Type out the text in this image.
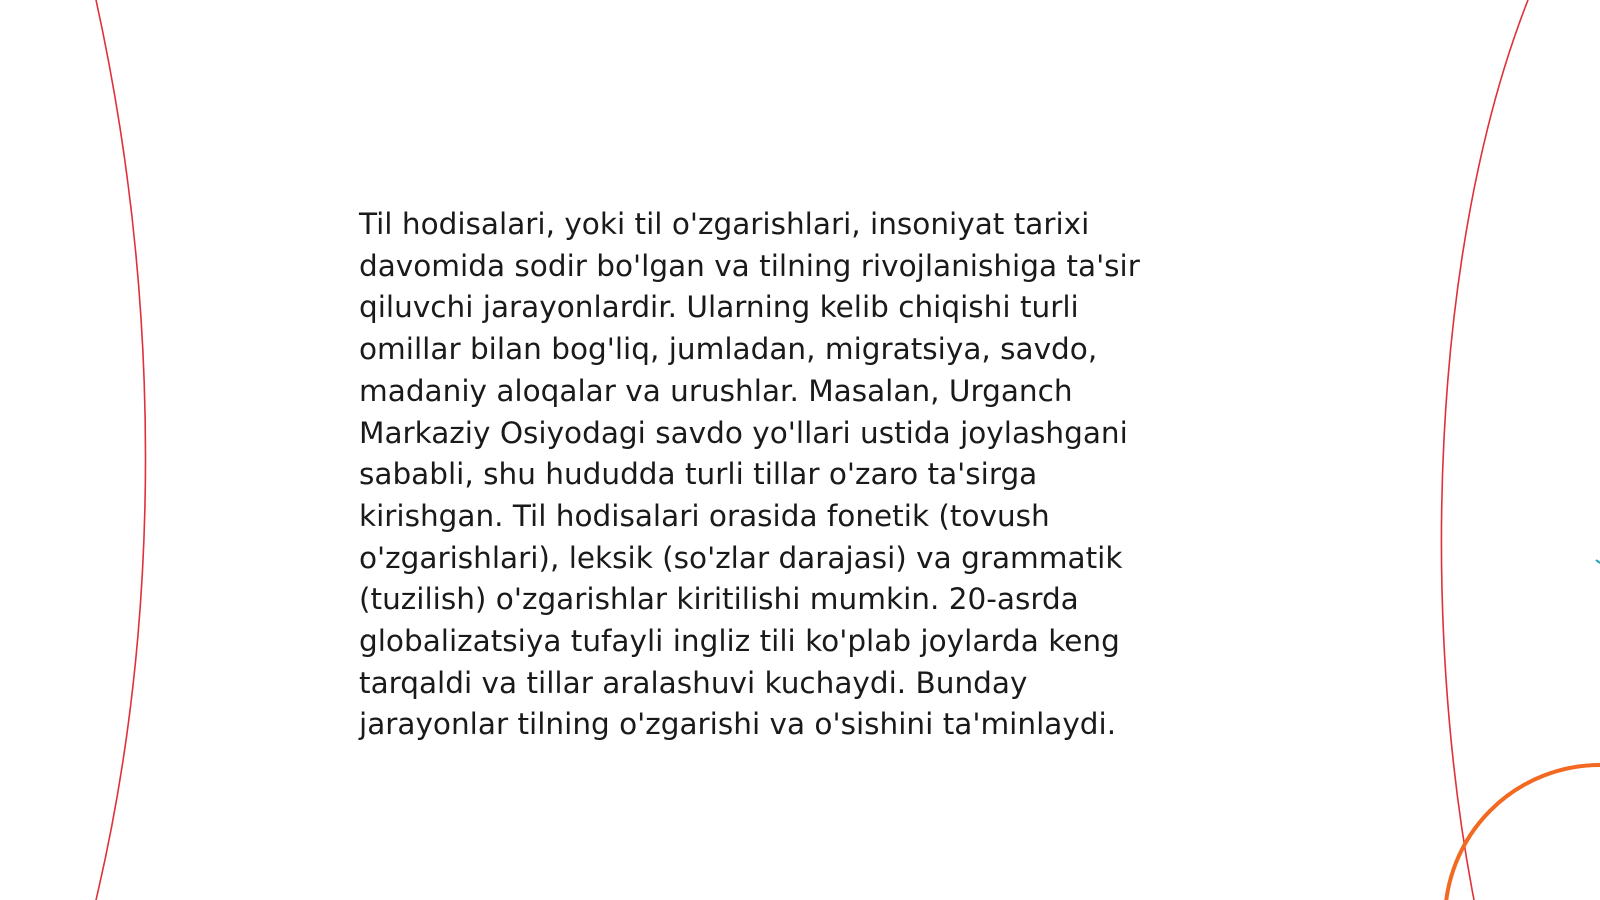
Til hodisalari, yoki til o'zgarishlari, insoniyat tarixi
davomida sodir bo'lgan va tilning rivojlanishiga ta'sir
qiluvchi jarayonlardir. Ularning kelib chiqishi turli
omillar bilan bog'liq, jumladan, migratsiya, savdo,
madaniy aloqalar va urushlar. Masalan, Urganch
Markaziy Osiyodagi savdo yo'llari ustida joylashgani
sababli, shu hududda turli tillar o'zaro ta'sirga
kirishgan. Til hodisalari orasida fonetik (tovush
o'zgarishlari), leksik (so'zlar darajasi) va grammatik
(tuzilish) o'zgarishlar kiritilishi mumkin. 20-asrda
globalizatsiya tufayli ingliz tili ko'plab joylarda keng
tarqaldi va tillar aralashuvi kuchaydi. Bunday
jarayonlar tilning o'zgarishi va o'sishini ta'minlaydi.
